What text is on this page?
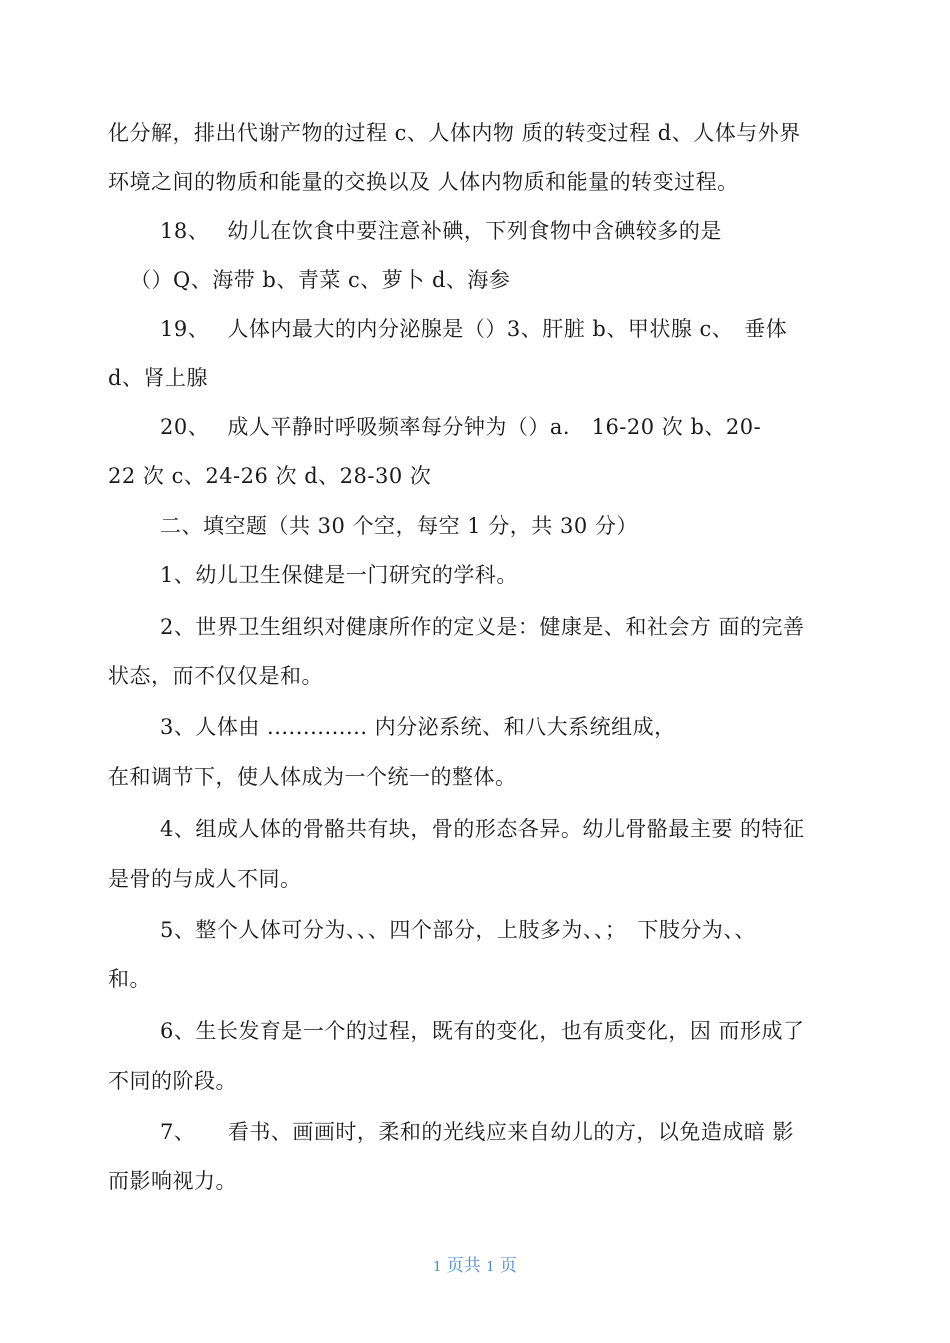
化分解，排出代谢产物的过程 c、人体内物 质的转变过程 d、人体与外界
环境之间的物质和能量的交换以及 人体内物质和能量的转变过程。
18、　 幼儿在饮食中要注意补碘，下列食物中含碘较多的是
（）Q、海带 b、青菜 c、萝卜 d、海参
19、　 人体内最大的内分泌腺是（）3、肝脏 b、甲状腺 c、　垂体
d、肾上腺
20、　 成人平静时呼吸频率每分钟为（）a.　16-20 次 b、20-
22 次 c、24-26 次 d、28-30 次
二、填空题（共 30 个空，每空 1 分，共 30 分）
1、幼儿卫生保健是一门研究的学科。
2、世界卫生组织对健康所作的定义是：健康是、和社会方 面的完善
状态，而不仅仅是和。
3、人体由 .............. 内分泌系统、和八大系统组成，
在和调节下，使人体成为一个统一的整体。
4、组成人体的骨骼共有块，骨的形态各异。幼儿骨骼最主要 的特征
是骨的与成人不同。
5、整个人体可分为、、、四个部分，上肢多为、、；　下肢分为、、
和。
6、生长发育是一个的过程，既有的变化，也有质变化，因 而形成了
不同的阶段。
7、　　看书、画画时，柔和的光线应来自幼儿的方，以免造成暗 影
而影响视力。
1 页共 1 页
